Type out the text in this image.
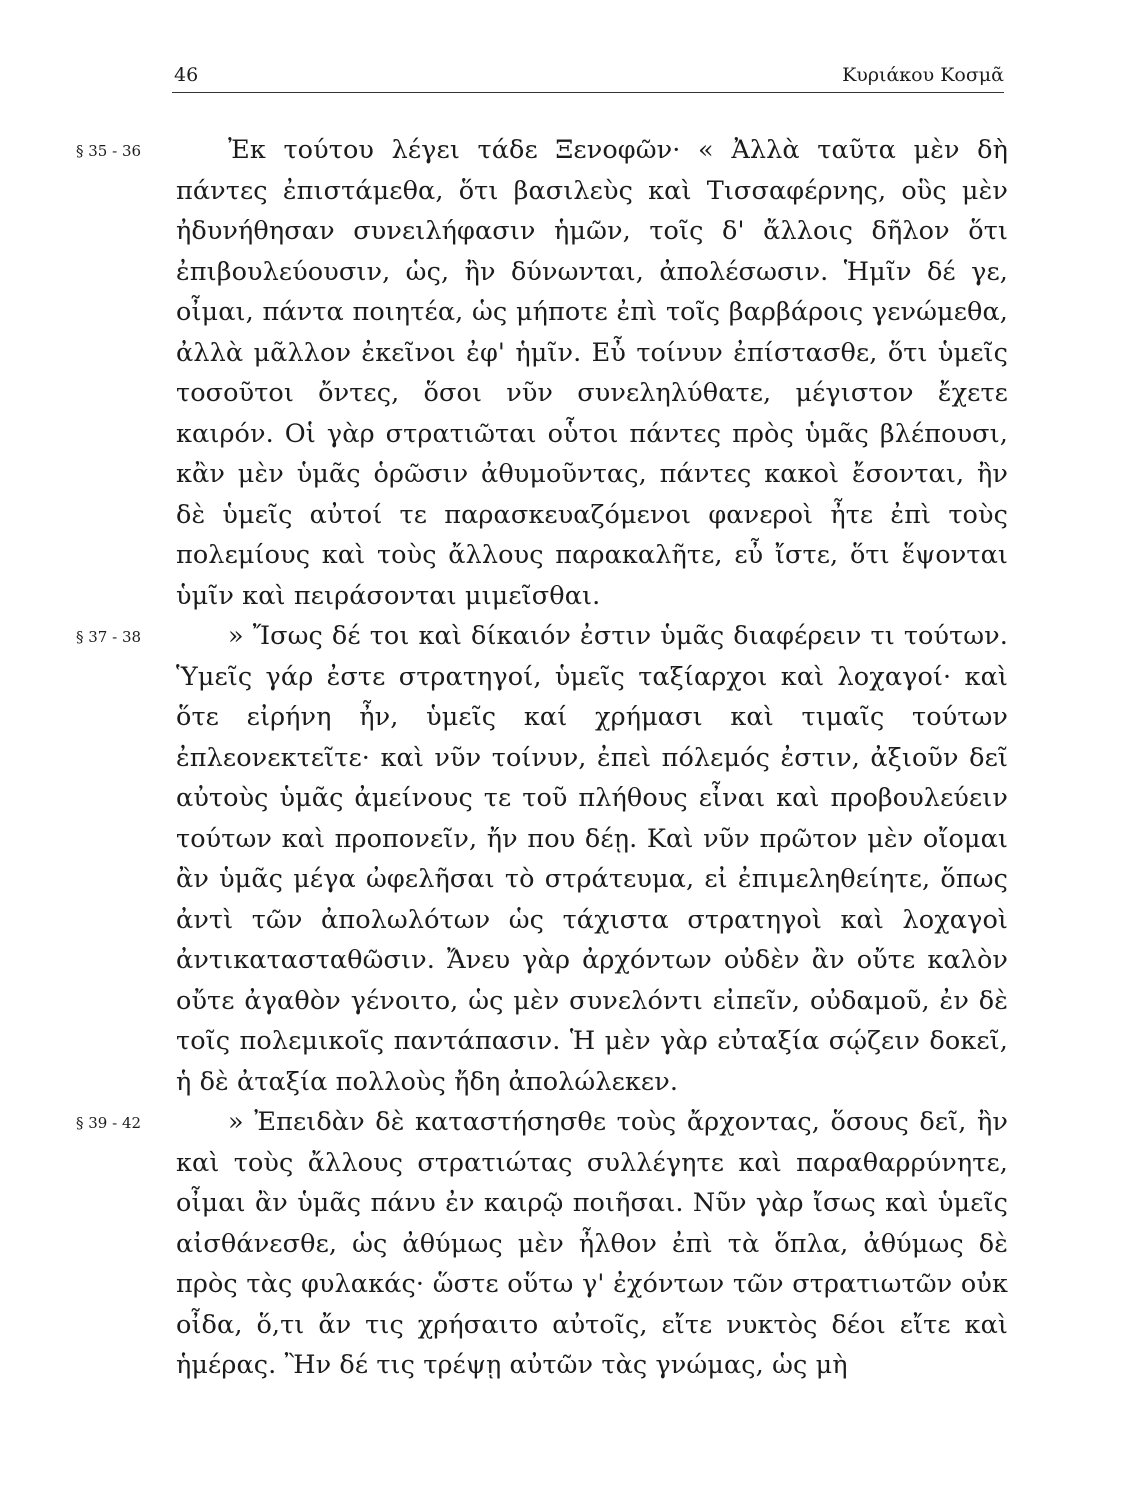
46	Κυριάκου Κοσμᾶ
§ 35 - 36	Ἐκ τούτου λέγει τάδε Ξενοφῶν· « Ἀλλὰ ταῦτα μὲν δὴ πάντες ἐπιστάμεθα, ὅτι βασιλεὺς καὶ Τισσαφέρνης, οὓς μὲν ἠδυνήθησαν συνειλήφασιν ἡμῶν, τοῖς δ' ἄλλοις δῆλον ὅτι ἐπιβουλεύουσιν, ὡς, ἢν δύνωνται, ἀπολέσωσιν. Ἡμῖν δέ γε, οἶμαι, πάντα ποιητέα, ὡς μήποτε ἐπὶ τοῖς βαρβάροις γενώμεθα, ἀλλὰ μᾶλλον ἐκεῖνοι ἐφ' ἡμῖν. Εὖ τοίνυν ἐπίστασθε, ὅτι ὑμεῖς τοσοῦτοι ὄντες, ὅσοι νῦν συνεληλύθατε, μέγιστον ἔχετε καιρόν. Οἱ γὰρ στρατιῶται οὗτοι πάντες πρὸς ὑμᾶς βλέπουσι, κἂν μὲν ὑμᾶς ὁρῶσιν ἀθυμοῦντας, πάντες κακοὶ ἔσονται, ἢν δὲ ὑμεῖς αὐτοί τε παρασκευαζόμενοι φανεροὶ ἦτε ἐπὶ τοὺς πολεμίους καὶ τοὺς ἄλλους παρακαλῆτε, εὖ ἴστε, ὅτι ἕψονται ὑμῖν καὶ πειράσονται μιμεῖσθαι.

§ 37 - 38	» Ἴσως δέ τοι καὶ δίκαιόν ἐστιν ὑμᾶς διαφέρειν τι τούτων. Ὑμεῖς γάρ ἐστε στρατηγοί, ὑμεῖς ταξίαρχοι καὶ λοχαγοί· καὶ ὅτε εἰρήνη ἦν, ὑμεῖς καί χρήμασι καὶ τιμαῖς τούτων ἐπλεονεκτεῖτε· καὶ νῦν τοίνυν, ἐπεὶ πόλεμός ἐστιν, ἀξιοῦν δεῖ αὐτοὺς ὑμᾶς ἀμείνους τε τοῦ πλήθους εἶναι καὶ προβουλεύειν τούτων καὶ προπονεῖν, ἤν που δέῃ. Καὶ νῦν πρῶτον μὲν οἴομαι ἂν ὑμᾶς μέγα ὠφελῆσαι τὸ στράτευμα, εἰ ἐπιμεληθείητε, ὅπως ἀντὶ τῶν ἀπολωλότων ὡς τάχιστα στρατηγοὶ καὶ λοχαγοὶ ἀντικατασταθῶσιν. Ἄνευ γὰρ ἀρχόντων οὐδὲν ἂν οὔτε καλὸν οὔτε ἀγαθὸν γένοιτο, ὡς μὲν συνελόντι εἰπεῖν, οὐδαμοῦ, ἐν δὲ τοῖς πολεμικοῖς παντάπασιν. Ἡ μὲν γὰρ εὐταξία σῴζειν δοκεῖ, ἡ δὲ ἀταξία πολλοὺς ἤδη ἀπολώλεκεν.

§ 39 - 42	» Ἐπειδὰν δὲ καταστήσησθε τοὺς ἄρχοντας, ὅσους δεῖ, ἢν καὶ τοὺς ἄλλους στρατιώτας συλλέγητε καὶ παραθαρρύνητε, οἶμαι ἂν ὑμᾶς πάνυ ἐν καιρῷ ποιῆσαι. Νῦν γὰρ ἴσως καὶ ὑμεῖς αἰσθάνεσθε, ὡς ἀθύμως μὲν ἦλθον ἐπὶ τὰ ὅπλα, ἀθύμως δὲ πρὸς τὰς φυλακάς· ὥστε οὕτω γ' ἐχόντων τῶν στρατιωτῶν οὐκ οἶδα, ὅ,τι ἄν τις χρήσαιτο αὐτοῖς, εἴτε νυκτὸς δέοι εἴτε καὶ ἡμέρας. Ἢν δέ τις τρέψῃ αὐτῶν τὰς γνώμας, ὡς μὴ
